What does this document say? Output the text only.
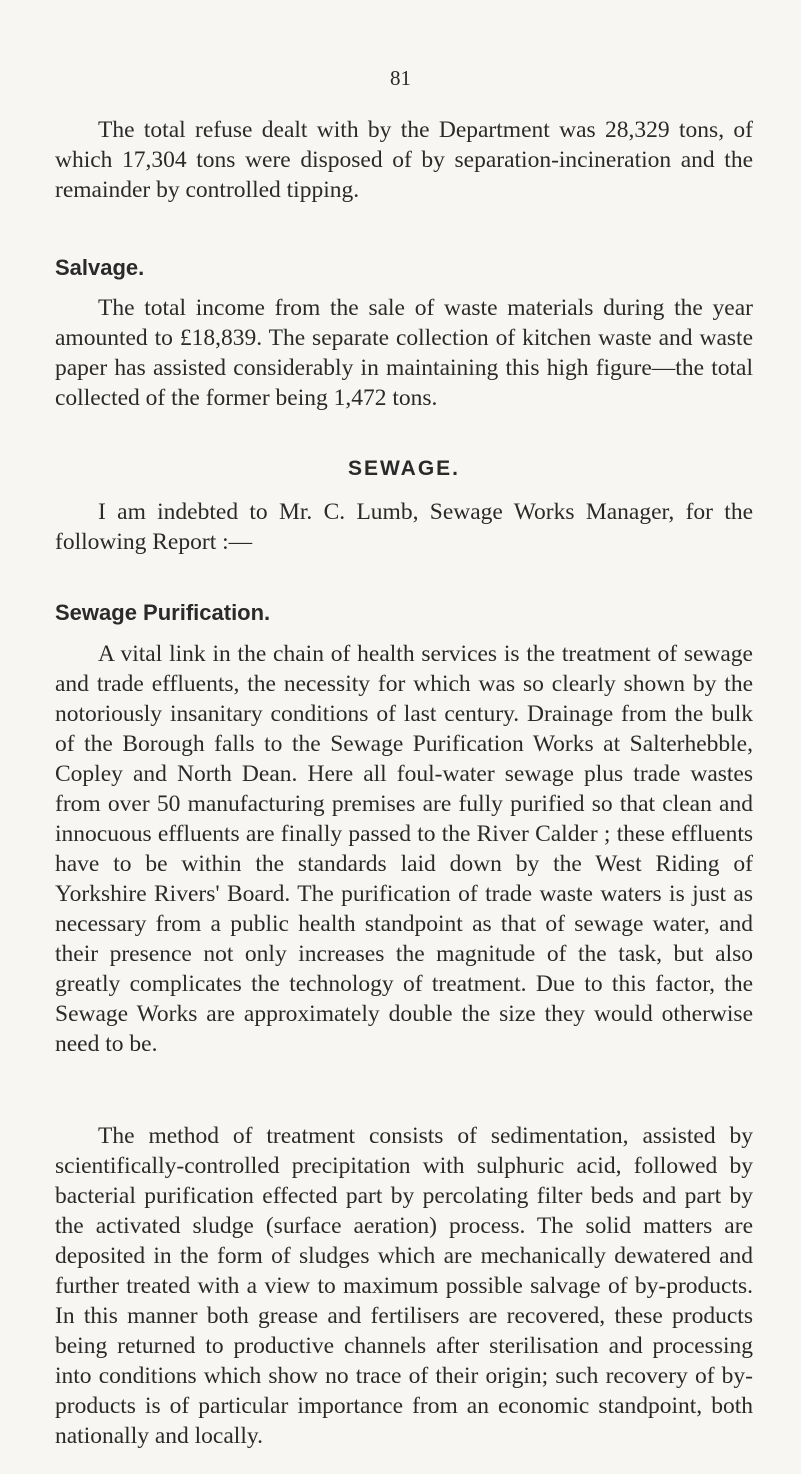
81

The total refuse dealt with by the Department was 28,329 tons, of which 17,304 tons were disposed of by separation-incineration and the remainder by controlled tipping.

Salvage.

The total income from the sale of waste materials during the year amounted to £18,839. The separate collection of kitchen waste and waste paper has assisted considerably in maintaining this high figure—the total collected of the former being 1,472 tons.

SEWAGE.

I am indebted to Mr. C. Lumb, Sewage Works Manager, for the following Report :—

Sewage Purification.

A vital link in the chain of health services is the treatment of sewage and trade effluents, the necessity for which was so clearly shown by the notoriously insanitary conditions of last century. Drainage from the bulk of the Borough falls to the Sewage Purification Works at Salterhebble, Copley and North Dean. Here all foul-water sewage plus trade wastes from over 50 manufacturing premises are fully purified so that clean and innocuous effluents are finally passed to the River Calder ; these effluents have to be within the standards laid down by the West Riding of Yorkshire Rivers' Board. The purification of trade waste waters is just as necessary from a public health standpoint as that of sewage water, and their presence not only increases the magnitude of the task, but also greatly complicates the technology of treatment. Due to this factor, the Sewage Works are approximately double the size they would otherwise need to be.

The method of treatment consists of sedimentation, assisted by scientifically-controlled precipitation with sulphuric acid, followed by bacterial purification effected part by percolating filter beds and part by the activated sludge (surface aeration) process. The solid matters are deposited in the form of sludges which are mechanically dewatered and further treated with a view to maximum possible salvage of by-products. In this manner both grease and fertilisers are recovered, these products being returned to productive channels after sterilisation and processing into conditions which show no trace of their origin; such recovery of by-products is of particular importance from an economic standpoint, both nationally and locally.
